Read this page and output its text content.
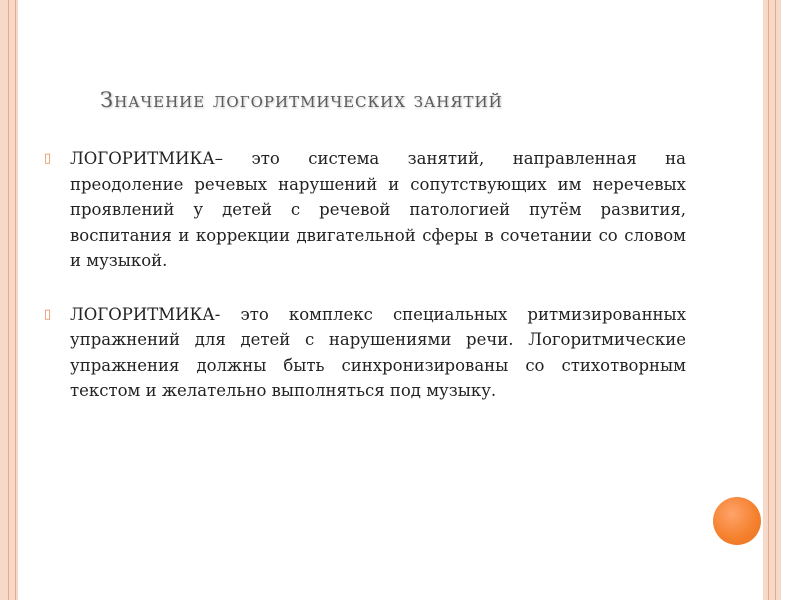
Значение логоритмических занятий
▯ ЛОГОРИТМИКА– это система занятий, направленная на преодоление речевых нарушений и сопутствующих им неречевых проявлений у детей с речевой патологией путём развития, воспитания и коррекции двигательной сферы в сочетании со словом и музыкой.
▯ ЛОГОРИТМИКА- это комплекс специальных ритмизированных упражнений для детей с нарушениями речи. Логоритмические упражнения должны быть синхронизированы со стихотворным текстом и желательно выполняться под музыку.
